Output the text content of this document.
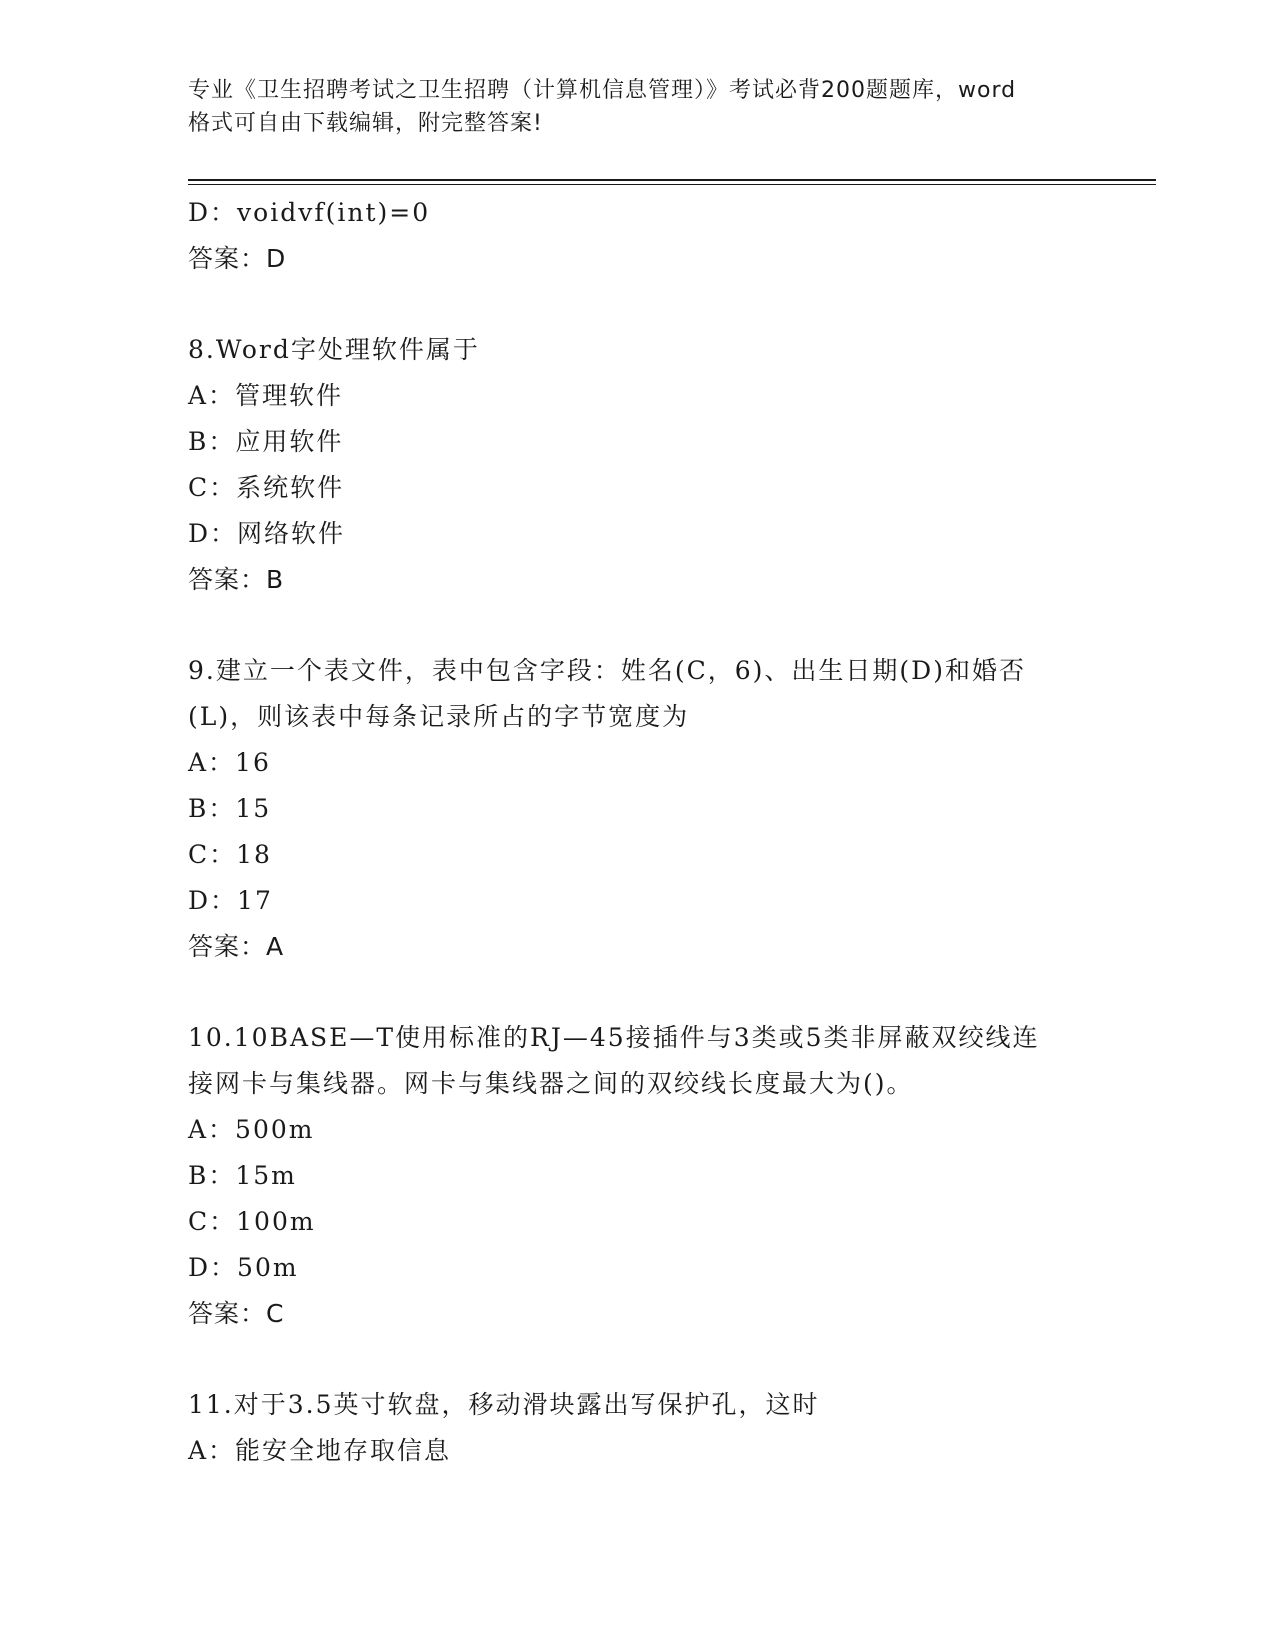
专业《卫生招聘考试之卫生招聘（计算机信息管理）》考试必背200题题库，word
格式可自由下载编辑，附完整答案!
D：voidvf(int)=0
答案：D
8.Word字处理软件属于
A：管理软件
B：应用软件
C：系统软件
D：网络软件
答案：B
9.建立一个表文件，表中包含字段：姓名(C，6)、出生日期(D)和婚否
(L)，则该表中每条记录所占的字节宽度为
A：16
B：15
C：18
D：17
答案：A
10.10BASE—T使用标准的RJ—45接插件与3类或5类非屏蔽双绞线连
接网卡与集线器。网卡与集线器之间的双绞线长度最大为()。
A：500m
B：15m
C：100m
D：50m
答案：C
11.对于3.5英寸软盘，移动滑块露出写保护孔，这时
A：能安全地存取信息
